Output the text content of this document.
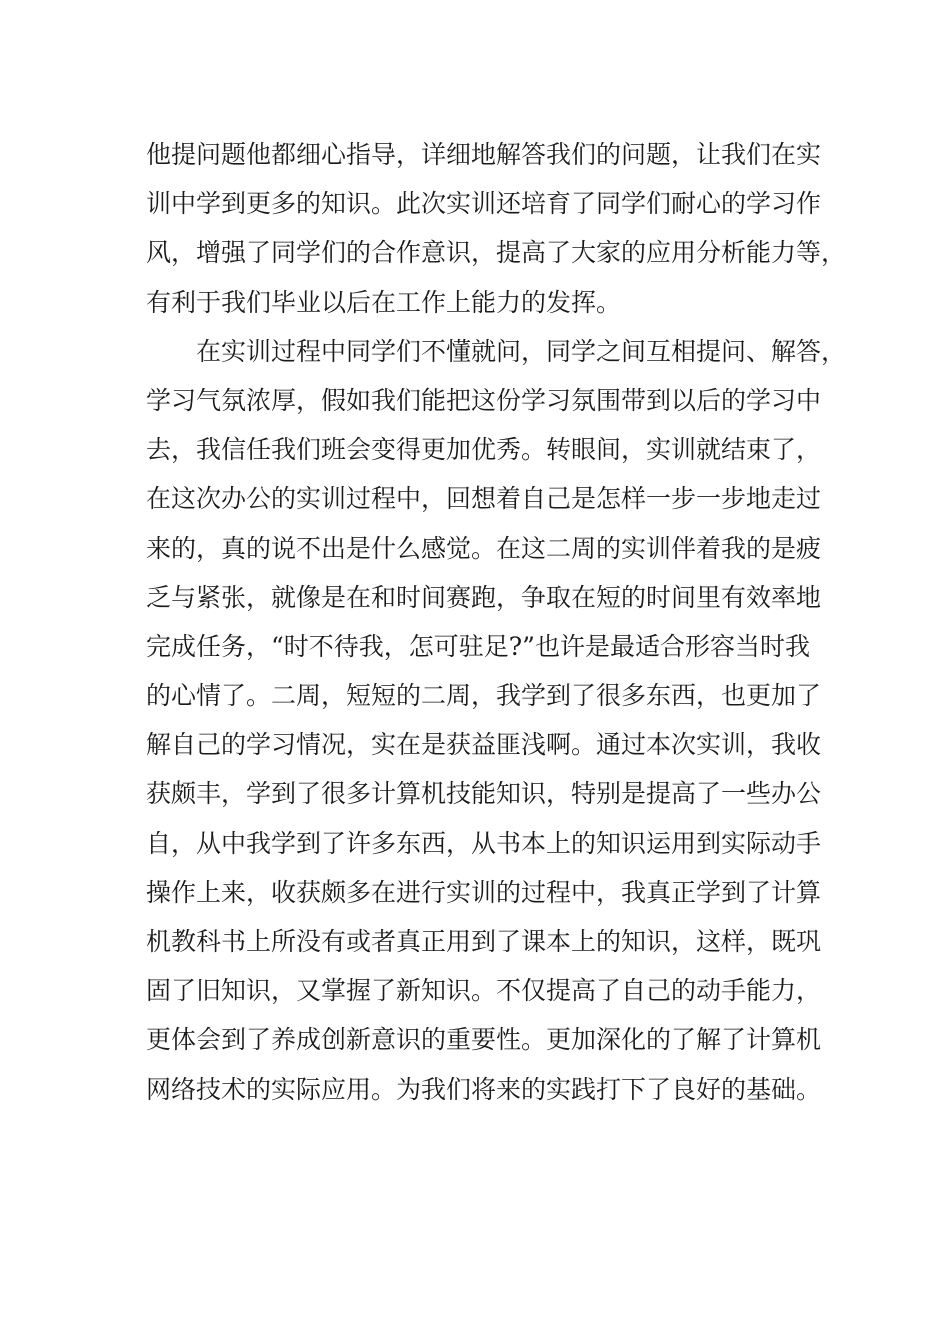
他提问题他都细心指导，详细地解答我们的问题，让我们在实
训中学到更多的知识。此次实训还培育了同学们耐心的学习作
风，增强了同学们的合作意识，提高了大家的应用分析能力等，
有利于我们毕业以后在工作上能力的发挥。
在实训过程中同学们不懂就问，同学之间互相提问、解答，
学习气氛浓厚，假如我们能把这份学习氛围带到以后的学习中
去，我信任我们班会变得更加优秀。转眼间，实训就结束了，
在这次办公的实训过程中，回想着自己是怎样一步一步地走过
来的，真的说不出是什么感觉。在这二周的实训伴着我的是疲
乏与紧张，就像是在和时间赛跑，争取在短的时间里有效率地
完成任务，“时不待我，怎可驻足?”也许是最适合形容当时我
的心情了。二周，短短的二周，我学到了很多东西，也更加了
解自己的学习情况，实在是获益匪浅啊。通过本次实训，我收
获颇丰，学到了很多计算机技能知识，特别是提高了一些办公
自，从中我学到了许多东西，从书本上的知识运用到实际动手
操作上来，收获颇多在进行实训的过程中，我真正学到了计算
机教科书上所没有或者真正用到了课本上的知识，这样，既巩
固了旧知识，又掌握了新知识。不仅提高了自己的动手能力，
更体会到了养成创新意识的重要性。更加深化的了解了计算机
网络技术的实际应用。为我们将来的实践打下了良好的基础。
